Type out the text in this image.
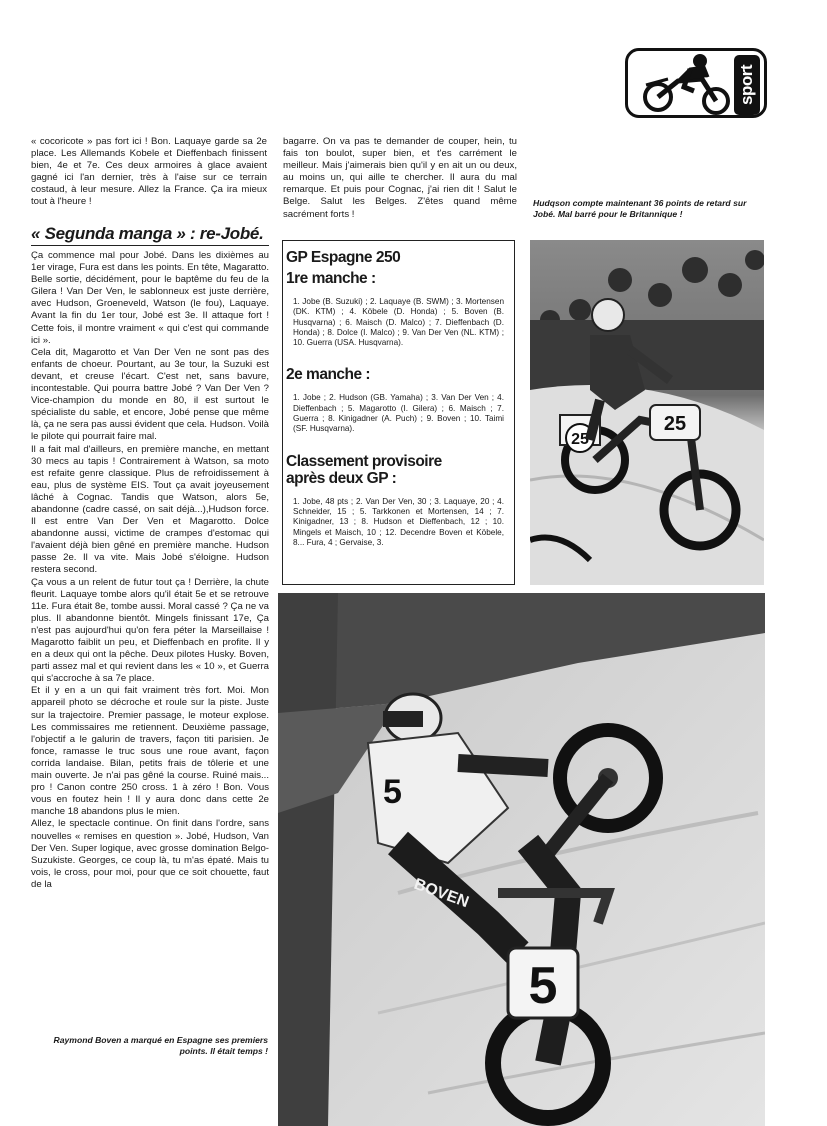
sport

« cocoricote » pas fort ici ! Bon. Laquaye garde sa 2e place. Les Allemands Kobele et Dieffenbach finissent bien, 4e et 7e. Ces deux armoires à glace avaient gagné ici l'an dernier, très à l'aise sur ce terrain costaud, à leur mesure. Allez la France. Ça ira mieux tout à l'heure !

bagarre. On va pas te demander de couper, hein, tu fais ton boulot, super bien, et t'es carrément le meilleur. Mais j'aimerais bien qu'il y en ait un ou deux, au moins un, qui aille te chercher. Il aura du mal remarque. Et puis pour Cognac, j'ai rien dit ! Salut le Belge. Salut les Belges. Z'êtes quand même sacrément forts !

« Segunda manga » : re-Jobé.

Ça commence mal pour Jobé. Dans les dixièmes au 1er virage, Fura est dans les points. En tête, Magaratto. Belle sortie, décidément, pour le baptême du feu de la Gilera ! Van Der Ven, le sablonneux est juste derrière, avec Hudson, Groeneveld, Watson (le fou), Laquaye. Avant la fin du 1er tour, Jobé est 3e. Il attaque fort ! Cette fois, il montre vraiment « qui c'est qui commande ici ».

Cela dit, Magarotto et Van Der Ven ne sont pas des enfants de choeur. Pourtant, au 3e tour, la Suzuki est devant, et creuse l'écart. C'est net, sans bavure, incontestable. Qui pourra battre Jobé ? Van Der Ven ? Vice-champion du monde en 80, il est surtout le spécialiste du sable, et encore, Jobé pense que même là, ça ne sera pas aussi évident que cela. Hudson. Voilà le pilote qui pourrait faire mal.

Il a fait mal d'ailleurs, en première manche, en mettant 30 mecs au tapis ! Contrairement à Watson, sa moto est refaite genre classique. Plus de refroidissement à eau, plus de système EIS. Tout ça avait joyeusement lâché à Cognac. Tandis que Watson, alors 5e, abandonne (cadre cassé, on sait déjà...),Hudson force. Il est entre Van Der Ven et Magarotto. Dolce abandonne aussi, victime de crampes d'estomac qui l'avaient déjà bien gêné en première manche. Hudson passe 2e. Il va vite. Mais Jobé s'éloigne. Hudson restera second.

Ça vous a un relent de futur tout ça ! Derrière, la chute fleurit. Laquaye tombe alors qu'il était 5e et se retrouve 11e. Fura était 8e, tombe aussi. Moral cassé ? Ça ne va plus. Il abandonne bientôt. Mingels finissant 17e, Ça n'est pas aujourd'hui qu'on fera péter la Marseillaise ! Magarotto faiblit un peu, et Dieffenbach en profite. Il y en a deux qui ont la pêche. Deux pilotes Husky. Boven, parti assez mal et qui revient dans les « 10 », et Guerra qui s'accroche à sa 7e place.

Et il y en a un qui fait vraiment très fort. Moi. Mon appareil photo se décroche et roule sur la piste. Juste sur la trajectoire. Premier passage, le moteur explose. Les commissaires me retiennent. Deuxième passage, l'objectif a le galurin de travers, façon titi parisien. Je fonce, ramasse le truc sous une roue avant, façon corrida landaise. Bilan, petits frais de tôlerie et une main ouverte. Je n'ai pas gêné la course. Ruiné mais... pro ! Canon contre 250 cross. 1 à zéro ! Bon. Vous vous en foutez hein ! Il y aura donc dans cette 2e manche 18 abandons plus le mien.

Allez, le spectacle continue. On finit dans l'ordre, sans nouvelles « remises en question ». Jobé, Hudson, Van Der Ven. Super logique, avec grosse domination Belgo-Suzukiste. Georges, ce coup là, tu m'as épaté. Mais tu vois, le cross, pour moi, pour que ce soit chouette, faut de la

Raymond Boven a marqué en Espagne ses premiers points. Il était temps !
Hudqson compte maintenant 36 points de retard sur Jobé. Mal barré pour le Britannique !
GP Espagne 250
1re manche :
1. Jobe (B. Suzuki) ; 2. Laquaye (B. SWM) ; 3. Mortensen (DK. KTM) ; 4. Köbele (D. Honda) ; 5. Boven (B. Husqvarna) ; 6. Maisch (D. Malco) ; 7. Dieffenbach (D. Honda) ; 8. Dolce (I. Malco) ; 9. Van Der Ven (NL. KTM) ; 10. Guerra (USA. Husqvarna).
2e manche :
1. Jobe ; 2. Hudson (GB. Yamaha) ; 3. Van Der Ven ; 4. Dieffenbach ; 5. Magarotto (I. Gilera) ; 6. Maisch ; 7. Guerra ; 8. Kinigadner (A. Puch) ; 9. Boven ; 10. Taimi (SF. Husqvarna).
Classement provisoire
après deux GP :
1. Jobe, 48 pts ; 2. Van Der Ven, 30 ; 3. Laquaye, 20 ; 4. Schneider, 15 ; 5. Tarkkonen et Mortensen, 14 ; 7. Kinigadner, 13 ; 8. Hudson et Dieffenbach, 12 ; 10. Mingels et Maisch, 10 ; 12. Decendre Boven et Köbele, 8... Fura, 4 ; Gervaise, 3.
25
25
5
BOVEN
5
